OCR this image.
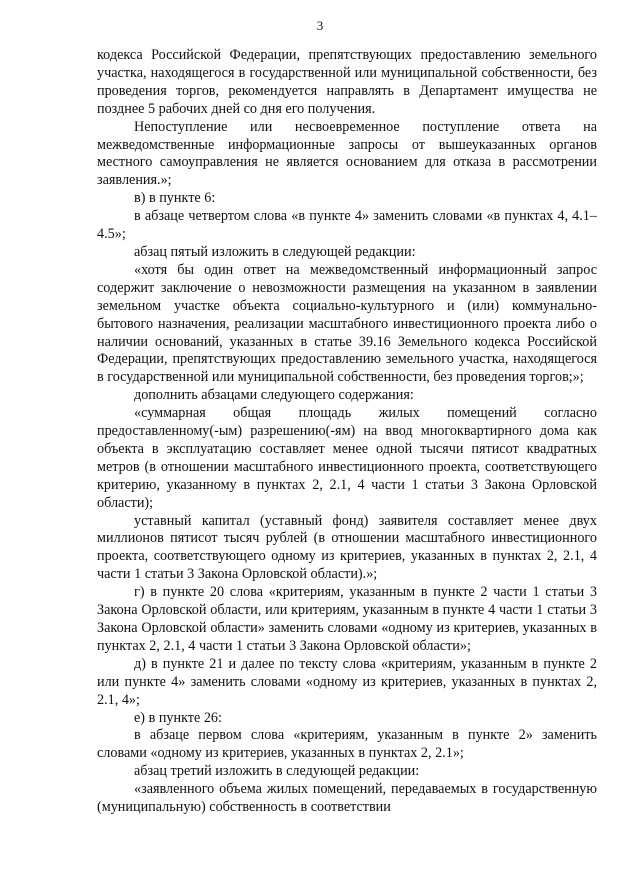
3

кодекса Российской Федерации, препятствующих предоставлению земельного участка, находящегося в государственной или муниципальной собственности, без проведения торгов, рекомендуется направлять в Департамент имущества не позднее 5 рабочих дней со дня его получения.

Непоступление или несвоевременное поступление ответа на межведомственные информационные запросы от вышеуказанных органов местного самоуправления не является основанием для отказа в рассмотрении заявления.»;

в) в пункте 6:

в абзаце четвертом слова «в пункте 4» заменить словами «в пунктах 4, 4.1–4.5»;

абзац пятый изложить в следующей редакции:

«хотя бы один ответ на межведомственный информационный запрос содержит заключение о невозможности размещения на указанном в заявлении земельном участке объекта социально-культурного и (или) коммунально-бытового назначения, реализации масштабного инвестиционного проекта либо о наличии оснований, указанных в статье 39.16 Земельного кодекса Российской Федерации, препятствующих предоставлению земельного участка, находящегося в государственной или муниципальной собственности, без проведения торгов;»;

дополнить абзацами следующего содержания:

«суммарная общая площадь жилых помещений согласно предоставленному(-ым) разрешению(-ям) на ввод многоквартирного дома как объекта в эксплуатацию составляет менее одной тысячи пятисот квадратных метров (в отношении масштабного инвестиционного проекта, соответствующего критерию, указанному в пунктах 2, 2.1, 4 части 1 статьи 3 Закона Орловской области);

уставный капитал (уставный фонд) заявителя составляет менее двух миллионов пятисот тысяч рублей (в отношении масштабного инвестиционного проекта, соответствующего одному из критериев, указанных в пунктах 2, 2.1, 4 части 1 статьи 3 Закона Орловской области).»;

г) в пункте 20 слова «критериям, указанным в пункте 2 части 1 статьи 3 Закона Орловской области, или критериям, указанным в пункте 4 части 1 статьи 3 Закона Орловской области» заменить словами «одному из критериев, указанных в пунктах 2, 2.1, 4 части 1 статьи 3 Закона Орловской области»;

д) в пункте 21 и далее по тексту слова «критериям, указанным в пункте 2 или пункте 4» заменить словами «одному из критериев, указанных в пунктах 2, 2.1, 4»;

е) в пункте 26:

в абзаце первом слова «критериям, указанным в пункте 2» заменить словами «одному из критериев, указанных в пунктах 2, 2.1»;

абзац третий изложить в следующей редакции:

«заявленного объема жилых помещений, передаваемых в государственную (муниципальную) собственность в соответствии
